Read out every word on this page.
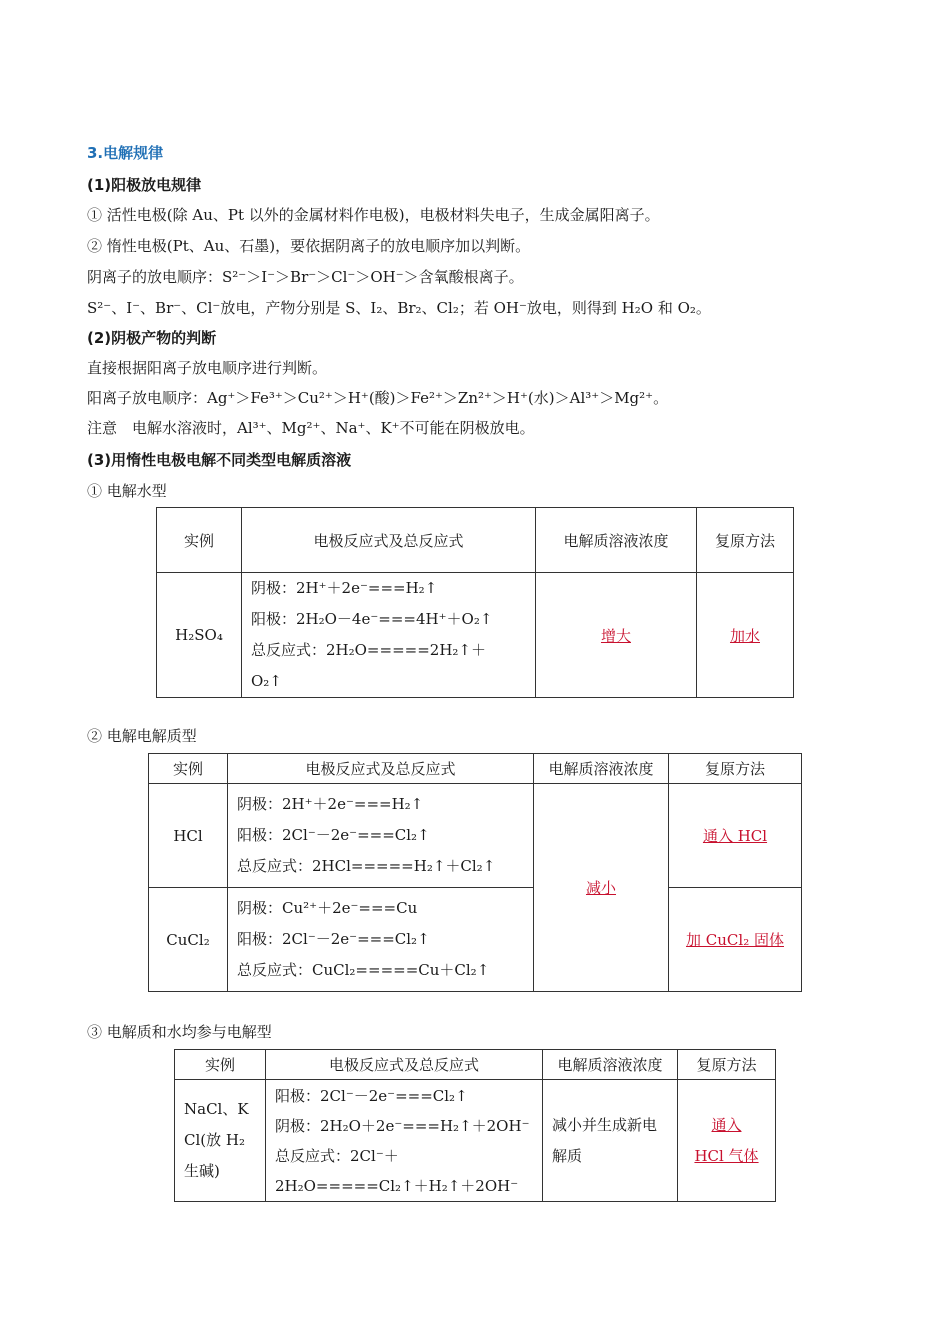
3.电解规律
(1)阳极放电规律
① 活性电极(除 Au、Pt 以外的金属材料作电极)，电极材料失电子，生成金属阳离子。
② 惰性电极(Pt、Au、石墨)，要依据阴离子的放电顺序加以判断。
阴离子的放电顺序：S²⁻＞I⁻＞Br⁻＞Cl⁻＞OH⁻＞含氧酸根离子。
S²⁻、I⁻、Br⁻、Cl⁻放电，产物分别是 S、I₂、Br₂、Cl₂；若 OH⁻放电，则得到 H₂O 和 O₂。
(2)阴极产物的判断
直接根据阳离子放电顺序进行判断。
阳离子放电顺序：Ag⁺＞Fe³⁺＞Cu²⁺＞H⁺(酸)＞Fe²⁺＞Zn²⁺＞H⁺(水)＞Al³⁺＞Mg²⁺。
注意　电解水溶液时，Al³⁺、Mg²⁺、Na⁺、K⁺不可能在阴极放电。
(3)用惰性电极电解不同类型电解质溶液
① 电解水型
实例	电极反应式及总反应式	电解质溶液浓度	复原方法
H₂SO₄	阴极：2H⁺＋2e⁻===H₂↑
阳极：2H₂O－4e⁻===4H⁺＋O₂↑
总反应式：2H₂O=====2H₂↑＋
O₂↑	增大	加水
② 电解电解质型
实例	电极反应式及总反应式	电解质溶液浓度	复原方法
HCl	阴极：2H⁺＋2e⁻===H₂↑
阳极：2Cl⁻－2e⁻===Cl₂↑
总反应式：2HCl=====H₂↑＋Cl₂↑	减小	通入 HCl
CuCl₂	阴极：Cu²⁺＋2e⁻===Cu
阳极：2Cl⁻－2e⁻===Cl₂↑
总反应式：CuCl₂=====Cu＋Cl₂↑		加 CuCl₂ 固体
③ 电解质和水均参与电解型
实例	电极反应式及总反应式	电解质溶液浓度	复原方法

NaCl、K
Cl(放 H₂
生碱)	阳极：2Cl⁻－2e⁻===Cl₂↑
阴极：2H₂O＋2e⁻===H₂↑＋2OH⁻
总反应式：2Cl⁻＋
2H₂O=====Cl₂↑＋H₂↑＋2OH⁻	减小并生成新电
解质	通入
HCl 气体
